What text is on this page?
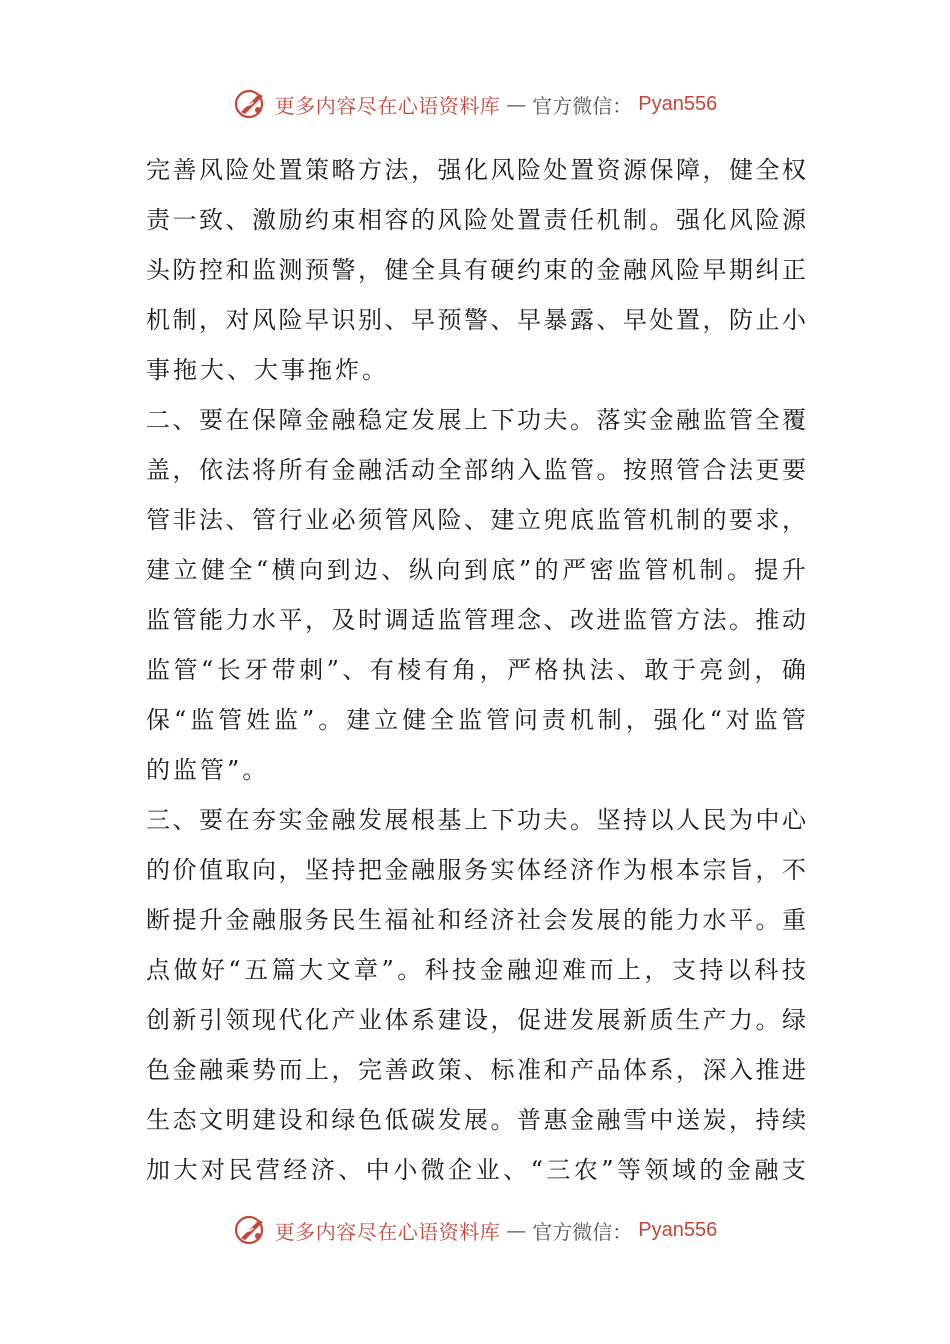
更多内容尽在心语资料库 — 官方微信： Pyan556
完 善 风 险 处 置 策 略 方 法 ， 强 化 风 险 处 置 资 源 保 障 ， 健 全 权
责 一 致 、 激 励 约 束 相 容 的 风 险 处 置 责 任 机 制 。 强 化 风 险 源
头 防 控 和 监 测 预 警 ， 健 全 具 有 硬 约 束 的 金 融 风 险 早 期 纠 正
机 制 ， 对 风 险 早 识 别 、 早 预 警 、 早 暴 露 、 早 处 置 ， 防 止 小
事拖大、大事拖炸。
二 、 要 在 保 障 金 融 稳 定 发 展 上 下 功 夫 。 落 实 金 融 监 管 全 覆
盖 ， 依 法 将 所 有 金 融 活 动 全 部 纳 入 监 管 。 按 照 管 合 法 更 要
管 非 法 、 管 行 业 必 须 管 风 险 、 建 立 兜 底 监 管 机 制 的 要 求 ，
建 立 健 全 “ 横 向 到 边 、 纵 向 到 底 ” 的 严 密 监 管 机 制 。 提 升
监 管 能 力 水 平 ， 及 时 调 适 监 管 理 念 、 改 进 监 管 方 法 。 推 动
监 管 “ 长 牙 带 刺 ” 、 有 棱 有 角 ， 严 格 执 法 、 敢 于 亮 剑 ， 确
保 “ 监 管 姓 监 ” 。 建 立 健 全 监 管 问 责 机 制 ， 强 化 “ 对 监 管
的监管”。
三 、 要 在 夯 实 金 融 发 展 根 基 上 下 功 夫 。 坚 持 以 人 民 为 中 心
的 价 值 取 向 ， 坚 持 把 金 融 服 务 实 体 经 济 作 为 根 本 宗 旨 ， 不
断 提 升 金 融 服 务 民 生 福 祉 和 经 济 社 会 发 展 的 能 力 水 平 。 重
点 做 好 “ 五 篇 大 文 章 ” 。 科 技 金 融 迎 难 而 上 ， 支 持 以 科 技
创 新 引 领 现 代 化 产 业 体 系 建 设 ， 促 进 发 展 新 质 生 产 力 。 绿
色 金 融 乘 势 而 上 ， 完 善 政 策 、 标 准 和 产 品 体 系 ， 深 入 推 进
生 态 文 明 建 设 和 绿 色 低 碳 发 展 。 普 惠 金 融 雪 中 送 炭 ， 持 续
加 大 对 民 营 经 济 、 中 小 微 企 业 、 “ 三 农 ” 等 领 域 的 金 融 支
更多内容尽在心语资料库 — 官方微信： Pyan556
